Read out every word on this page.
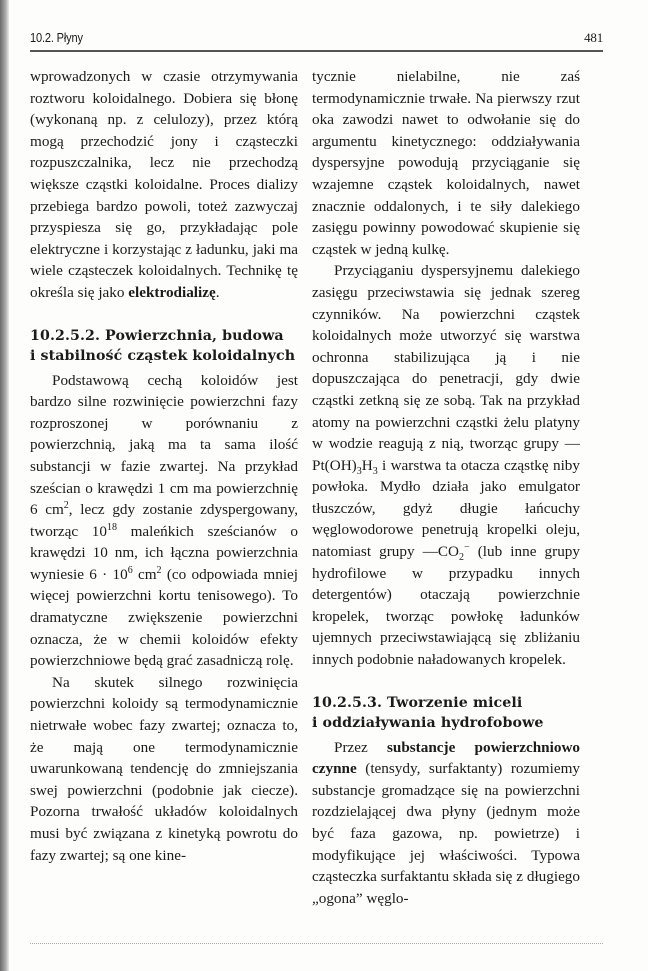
10.2. Płyny	481

wprowadzonych w czasie otrzymywania roztworu koloidalnego. Dobiera się błonę (wykonaną np. z celulozy), przez którą mogą przechodzić jony i cząsteczki rozpuszczalnika, lecz nie przechodzą większe cząstki koloidalne. Proces dializy przebiega bardzo powoli, toteż zazwyczaj przyspiesza się go, przykładając pole elektryczne i korzystając z ładunku, jaki ma wiele cząsteczek koloidalnych. Technikę tę określa się jako elektrodializę.

10.2.5.2. Powierzchnia, budowa
i stabilność cząstek koloidalnych

Podstawową cechą koloidów jest bardzo silne rozwinięcie powierzchni fazy rozproszonej w porównaniu z powierzchnią, jaką ma ta sama ilość substancji w fazie zwartej. Na przykład sześcian o krawędzi 1 cm ma powierzchnię 6 $cm^2$, lecz gdy zostanie zdyspergowany, tworząc $10^{18}$ maleńkich sześcianów o krawędzi 10 nm, ich łączna powierzchnia wyniesie $6 \cdot 10^6$ $cm^2$ (co odpowiada mniej więcej powierzchni kortu tenisowego). To dramatyczne zwiększenie powierzchni oznacza, że w chemii koloidów efekty powierzchniowe będą grać zasadniczą rolę.

Na skutek silnego rozwinięcia powierzchni koloidy są termodynamicznie nietrwałe wobec fazy zwartej; oznacza to, że mają one termodynamicznie uwarunkowaną tendencję do zmniejszania swej powierzchni (podobnie jak ciecze). Pozorna trwałość układów koloidalnych musi być związana z kinetyką powrotu do fazy zwartej; są one kine-

tycznie nielabilne, nie zaś termodynamicznie trwałe. Na pierwszy rzut oka zawodzi nawet to odwołanie się do argumentu kinetycznego: oddziaływania dyspersyjne powodują przyciąganie się wzajemne cząstek koloidalnych, nawet znacznie oddalonych, i te siły dalekiego zasięgu powinny powodować skupienie się cząstek w jedną kulkę.

Przyciąganiu dyspersyjnemu dalekiego zasięgu przeciwstawia się jednak szereg czynników. Na powierzchni cząstek koloidalnych może utworzyć się warstwa ochronna stabilizująca ją i nie dopuszczająca do penetracji, gdy dwie cząstki zetkną się ze sobą. Tak na przykład atomy na powierzchni cząstki żelu platyny w wodzie reagują z nią, tworząc grupy $—Pt(OH)_3H_3$ i warstwa ta otacza cząstkę niby powłoka. Mydło działa jako emulgator tłuszczów, gdyż długie łańcuchy węglowodorowe penetrują kropelki oleju, natomiast grupy $—CO_2^-$ (lub inne grupy hydrofilowe w przypadku innych detergentów) otaczają powierzchnie kropelek, tworząc powłokę ładunków ujemnych przeciwstawiającą się zbliżaniu innych podobnie naładowanych kropelek.

10.2.5.3. Tworzenie miceli
i oddziaływania hydrofobowe

Przez substancje powierzchniowo czynne (tensydy, surfaktanty) rozumiemy substancje gromadzące się na powierzchni rozdzielającej dwa płyny (jednym może być faza gazowa, np. powietrze) i modyfikujące jej właściwości. Typowa cząsteczka surfaktantu składa się z długiego „ogona” węglo-
